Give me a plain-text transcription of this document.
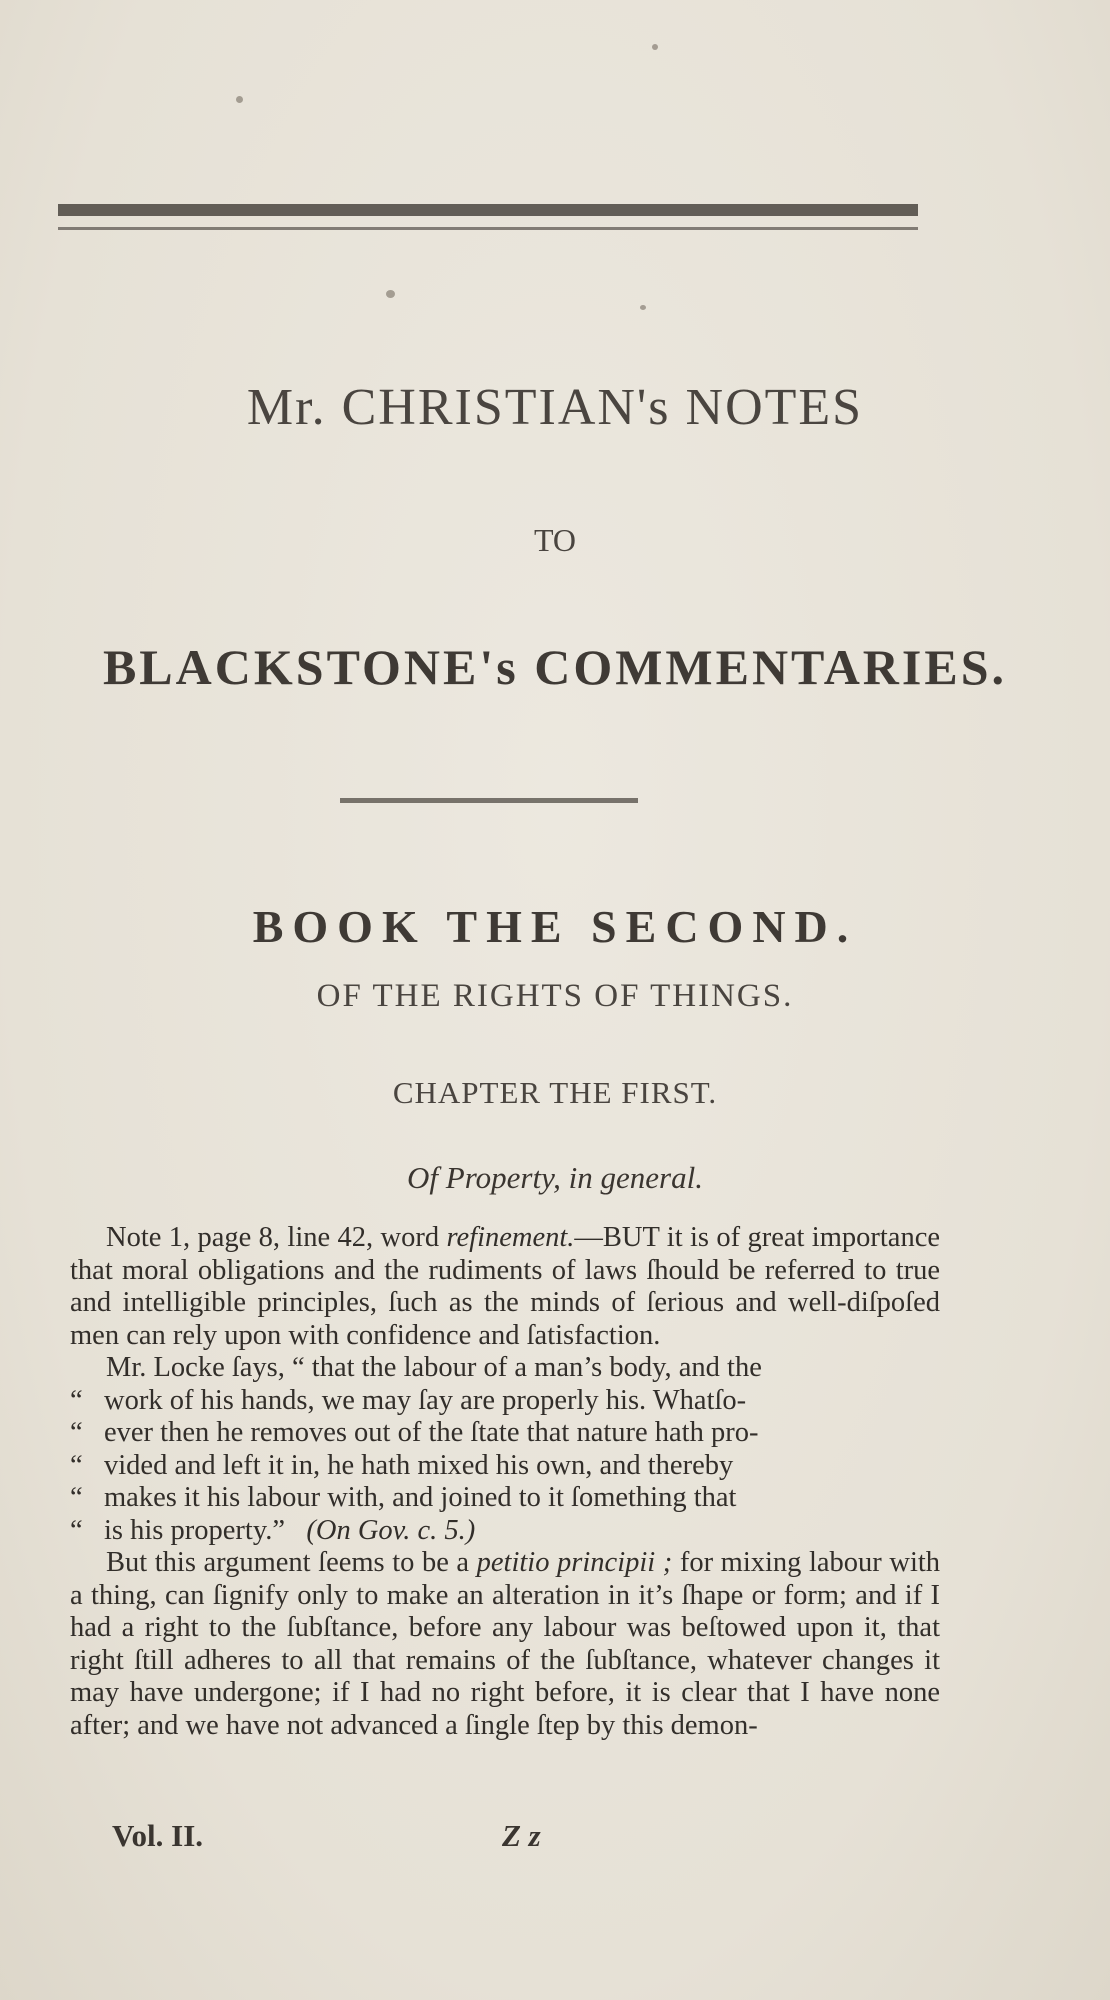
Mr. CHRISTIAN's NOTES
TO
BLACKSTONE's COMMENTARIES.
BOOK THE SECOND.
OF THE RIGHTS OF THINGS.
CHAPTER THE FIRST.
Of Property, in general.

Note 1, page 8, line 42, word refinement.—BUT it is of great importance that moral obligations and the rudiments of laws ſhould be referred to true and intelligible principles, ſuch as the minds of ſerious and well-diſpoſed men can rely upon with confidence and ſatisfaction.

Mr. Locke ſays, “ that the labour of a man’s body, and the

“ work of his hands, we may ſay are properly his. Whatſo-

“ ever then he removes out of the ſtate that nature hath pro-

“ vided and left it in, he hath mixed his own, and thereby

“ makes it his labour with, and joined to it ſomething that

“ is his property.” (On Gov. c. 5.)

But this argument ſeems to be a petitio principii ; for mixing labour with a thing, can ſignify only to make an alteration in it’s ſhape or form; and if I had a right to the ſubſtance, before any labour was beſtowed upon it, that right ſtill adheres to all that remains of the ſubſtance, whatever changes it may have undergone; if I had no right before, it is clear that I have none after; and we have not advanced a ſingle ſtep by this demon-

Vol. II.	Z z
